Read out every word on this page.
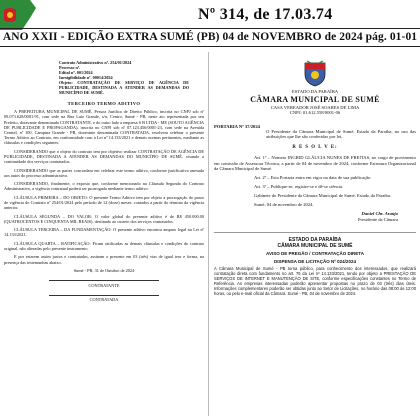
Nº 314, de 17.03.74
ANO XXII - EDIÇÃO EXTRA SUMÉ (PB) 04 de NOVEMBRO de 2024 pág. 01-01
Contrato Administrativo nº. 254/01/2024
Processo nº.
Edital nº. 001/2024
Inexigibilidade nº. 00014/2024
Objeto: CONTRATAÇÃO DE SERVIÇO DE AGÊNCIA DE PUBLICIDADE, DESTINADA A ATENDER AS DEMANDAS DO MUNICÍPIO DE SUMÉ.
TERCEIRO TERMO ADITIVO

A PREFEITURA MUNICIPAL DE SUMÉ, Pessoa Jurídica de Direito Público, inscrita no CNPJ sob nº 09.073.628/0001-91, com sede na Rua Luiz Grande, s/n, Centro, Sumé - PB, neste ato representada por seu Prefeito, doravante denominada CONTRATANTE, e do outro lado a empresa S B LTDA - ME (SOUTO AGÊNCIA DE PUBLICIDADE E PROPAGANDA), inscrita no CNPJ sob nº 07.123.456/0001-23, com sede na Avenida Central, nº 100, Campina Grande - PB, doravante denominada CONTRATADA, resolvem celebrar o presente Termo Aditivo ao Contrato, em conformidade com a Lei nº 14.133/2021 e demais normas pertinentes, mediante as cláusulas e condições seguintes:

CONSIDERANDO que o objeto do contrato tem por objetivo realizar CONTRATAÇÃO DE AGÊNCIA DE PUBLICIDADE, DESTINADA A ATENDER AS DEMANDAS DO MUNICÍPIO DE SUMÉ, visando a continuidade dos serviços contratados.

CONSIDERANDO que as partes concordam em celebrar este termo aditivo, conforme justificativa anexada aos autos do processo administrativo.

CONSIDERANDO, finalmente, o exposto que, conforme mencionado na Cláusula Segunda do Contrato Administrativo, a vigência contratual poderá ser prorrogada mediante termo aditivo.

CLÁUSULA PRIMEIRA – DO OBJETO: O presente Termo Aditivo tem por objeto a prorrogação do prazo de vigência do Contrato nº 254/01/2024 pelo período de 12 (doze) meses, contados a partir do término da vigência anterior.

CLÁUSULA SEGUNDA – DO VALOR: O valor global do presente aditivo é de R$ 450.000,00 (QUATROCENTOS E CINQUENTA MIL REAIS), destinado ao custeio dos serviços contratados.

CLÁUSULA TERCEIRA – DA FUNDAMENTAÇÃO: O presente aditivo encontra amparo legal na Lei nº 14.133/2021.

CLÁUSULA QUARTA – RATIFICAÇÃO: Ficam ratificadas as demais cláusulas e condições do contrato original, não alteradas pelo presente instrumento.

E por estarem assim justos e contratados, assinam o presente em 03 (três) vias de igual teor e forma, na presença das testemunhas abaixo.

Sumé - PB, 31 de Outubro de 2024
CONTRATANTE
CONTRATADA
ESTADO DA PARAÍBA
CÂMARA MUNICIPAL DE SUMÉ
CASA VEREADOR JOSÉ SOARES DE LIMA
CNPJ: 01.612.558/0001-06
PORTARIA Nº 37/2024
O Presidente da Câmara Municipal de Sumé, Estado da Paraíba, no uso das atribuições que lhe são conferidas por lei,
R E S O L V E:

Art. 1º – Nomear INGRID GLÁUCIA NUNES DE FREITAS, no cargo de provimento em comissão de Assessora Técnica, a partir de 04 de novembro de 2024, conforme Estrutura Organizacional da Câmara Municipal de Sumé.

Art. 2º – Esta Portaria entra em vigor na data de sua publicação.

Art. 3º – Publique-se, registre-se e dê-se ciência.

Gabinete do Presidente da Câmara Municipal de Sumé, Estado da Paraíba.

Sumé, 04 de novembro de 2024.

Daniel Chr. Araújo
Presidente da Câmara
ESTADO DA PARAÍBA
CÂMARA MUNICIPAL DE SUMÉ
AVISO DE PREGÃO / CONTRATAÇÃO DIRETA
DISPENSA DE LICITAÇÃO Nº 024/2024
A Câmara Municipal de Sumé - PB torna público, para conhecimento dos interessados, que realizará contratação direta com fundamento no art. 75 da Lei nº 14.133/2021, tendo por objeto a PRESTAÇÃO DE SERVIÇOS DE INTERNET E MANUTENÇÃO DE SITE, conforme especificações constantes no Termo de Referência. As empresas interessadas poderão apresentar propostas no prazo de 03 (três) dias úteis. Informações complementares poderão ser obtidas junto ao Setor de Licitações, no horário das 08:00 às 12:00 horas, ou pelo e-mail oficial da Câmara. Sumé - PB, 04 de novembro de 2024.
